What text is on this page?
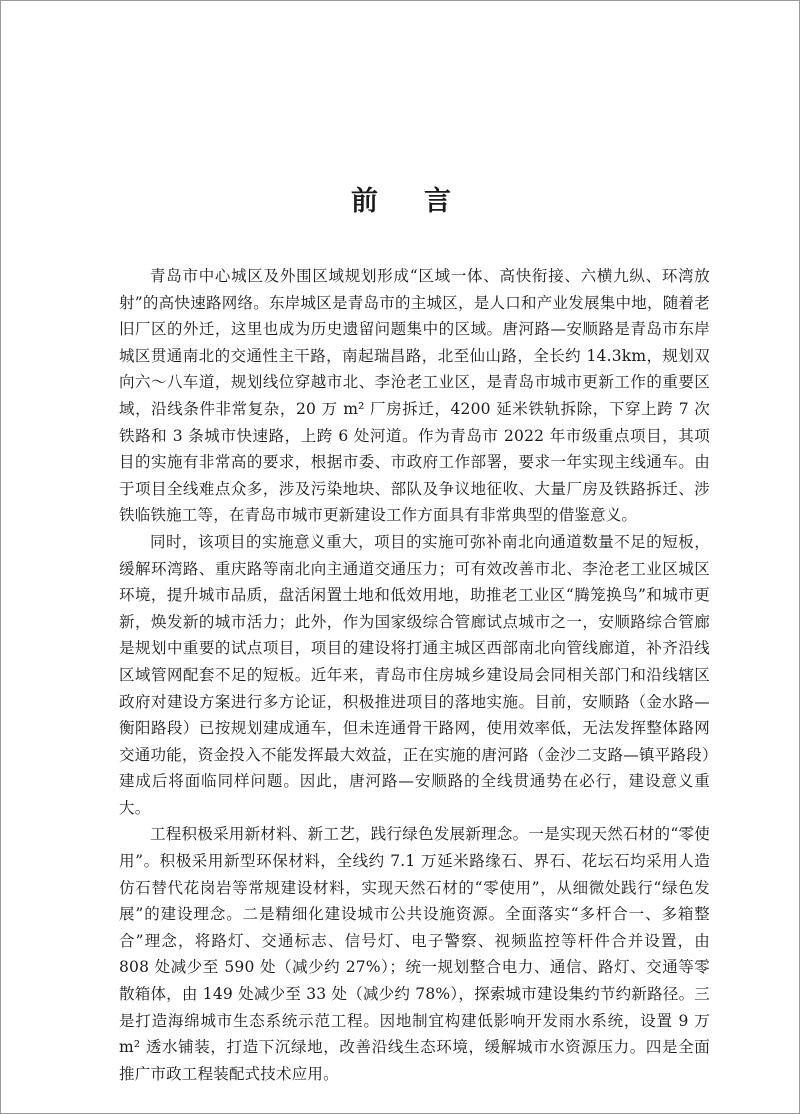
前 言

青岛市中心城区及外围区域规划形成“区域一体、高快衔接、六横九纵、环湾放射”的高快速路网络。东岸城区是青岛市的主城区，是人口和产业发展集中地，随着老旧厂区的外迁，这里也成为历史遗留问题集中的区域。唐河路—安顺路是青岛市东岸城区贯通南北的交通性主干路，南起瑞昌路，北至仙山路，全长约 14.3km，规划双向六～八车道，规划线位穿越市北、李沧老工业区，是青岛市城市更新工作的重要区域，沿线条件非常复杂，20 万 m² 厂房拆迁，4200 延米铁轨拆除，下穿上跨 7 次铁路和 3 条城市快速路，上跨 6 处河道。作为青岛市 2022 年市级重点项目，其项目的实施有非常高的要求，根据市委、市政府工作部署，要求一年实现主线通车。由于项目全线难点众多，涉及污染地块、部队及争议地征收、大量厂房及铁路拆迁、涉铁临铁施工等，在青岛市城市更新建设工作方面具有非常典型的借鉴意义。

同时，该项目的实施意义重大，项目的实施可弥补南北向通道数量不足的短板，缓解环湾路、重庆路等南北向主通道交通压力；可有效改善市北、李沧老工业区城区环境，提升城市品质，盘活闲置土地和低效用地，助推老工业区“腾笼换鸟”和城市更新，焕发新的城市活力；此外，作为国家级综合管廊试点城市之一，安顺路综合管廊是规划中重要的试点项目，项目的建设将打通主城区西部南北向管线廊道，补齐沿线区域管网配套不足的短板。近年来，青岛市住房城乡建设局会同相关部门和沿线辖区政府对建设方案进行多方论证，积极推进项目的落地实施。目前，安顺路（金水路—衡阳路段）已按规划建成通车，但未连通骨干路网，使用效率低，无法发挥整体路网交通功能，资金投入不能发挥最大效益，正在实施的唐河路（金沙二支路—镇平路段）建成后将面临同样问题。因此，唐河路—安顺路的全线贯通势在必行，建设意义重大。

工程积极采用新材料、新工艺，践行绿色发展新理念。一是实现天然石材的“零使用”。积极采用新型环保材料，全线约 7.1 万延米路缘石、界石、花坛石均采用人造仿石替代花岗岩等常规建设材料，实现天然石材的“零使用”，从细微处践行“绿色发展”的建设理念。二是精细化建设城市公共设施资源。全面落实“多杆合一、多箱整合”理念，将路灯、交通标志、信号灯、电子警察、视频监控等杆件合并设置，由 808 处减少至 590 处（减少约 27%）；统一规划整合电力、通信、路灯、交通等零散箱体，由 149 处减少至 33 处（减少约 78%），探索城市建设集约节约新路径。三是打造海绵城市生态系统示范工程。因地制宜构建低影响开发雨水系统，设置 9 万 m² 透水铺装，打造下沉绿地，改善沿线生态环境，缓解城市水资源压力。四是全面推广市政工程装配式技术应用。
